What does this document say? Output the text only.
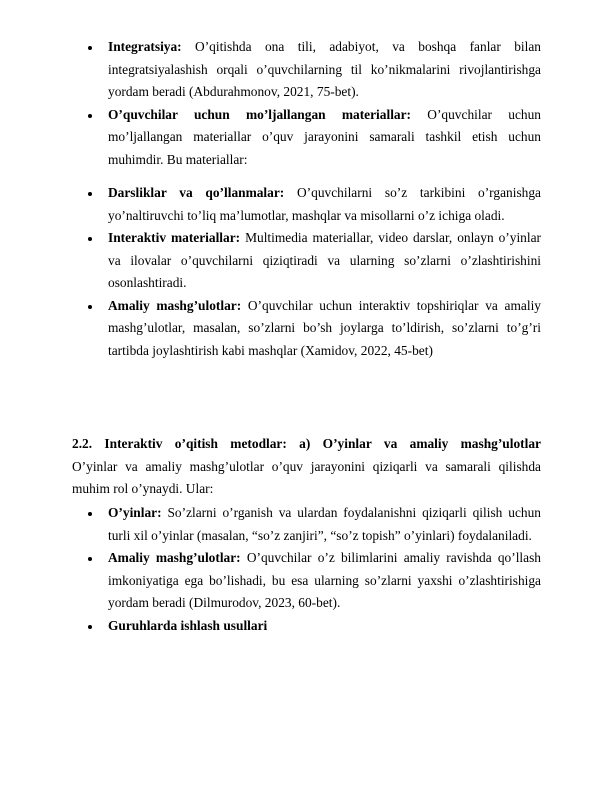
Integratsiya: O’qitishda ona tili, adabiyot, va boshqa fanlar bilan integratsiyalashish orqali o’quvchilarning til ko’nikmalarini rivojlantirishga yordam beradi (Abdurahmonov, 2021, 75-bet).
O’quvchilar uchun mo’ljallangan materiallar: O’quvchilar uchun mo’ljallangan materiallar o’quv jarayonini samarali tashkil etish uchun muhimdir. Bu materiallar:
Darsliklar va qo’llanmalar: O’quvchilarni so’z tarkibini o’rganishga yo’naltiruvchi to’liq ma’lumotlar, mashqlar va misollarni o’z ichiga oladi.
Interaktiv materiallar: Multimedia materiallar, video darslar, onlayn o’yinlar va ilovalar o’quvchilarni qiziqtiradi va ularning so’zlarni o’zlashtirishini osonlashtiradi.
Amaliy mashg’ulotlar: O’quvchilar uchun interaktiv topshiriqlar va amaliy mashg’ulotlar, masalan, so’zlarni bo’sh joylarga to’ldirish, so’zlarni to’g’ri tartibda joylashtirish kabi mashqlar (Xamidov, 2022, 45-bet)

2.2. Interaktiv o’qitish metodlar: a) O’yinlar va amaliy mashg’ulotlar
O’yinlar va amaliy mashg’ulotlar o’quv jarayonini qiziqarli va samarali qilishda muhim rol o’ynaydi. Ular:

O’yinlar: So’zlarni o’rganish va ulardan foydalanishni qiziqarli qilish uchun turli xil o’yinlar (masalan, “so’z zanjiri”, “so’z topish” o’yinlari) foydalaniladi.
Amaliy mashg’ulotlar: O’quvchilar o’z bilimlarini amaliy ravishda qo’llash imkoniyatiga ega bo’lishadi, bu esa ularning so’zlarni yaxshi o’zlashtirishiga yordam beradi (Dilmurodov, 2023, 60-bet).
Guruhlarda ishlash usullari
